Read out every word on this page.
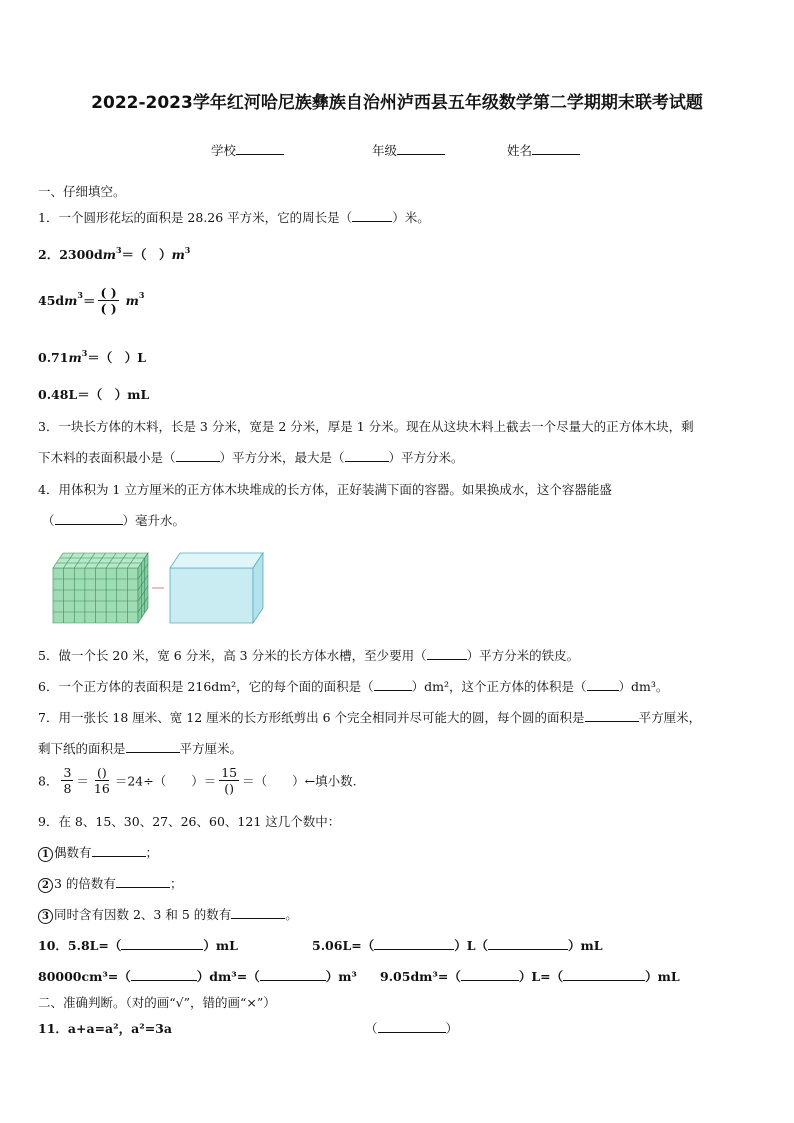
2022-2023学年红河哈尼族彝族自治州泸西县五年级数学第二学期期末联考试题
学校	年级	姓名
一、仔细填空。
1．一个圆形花坛的面积是 28.26 平方米，它的周长是（	）米。
2．$2300dm^3=$（　）$m^3$
$45dm^3= \frac{( )}{( )} m^3$
$0.71m^3=$（　）L
0.48L＝（　）mL
3．一块长方体的木料，长是 3 分米，宽是 2 分米，厚是 1 分米。现在从这块木料上截去一个尽量大的正方体木块，剩
下木料的表面积最小是（	）平方分米，最大是（	）平方分米。
4．用体积为 1 立方厘米的正方体木块堆成的长方体，正好装满下面的容器。如果换成水，这个容器能盛
（	）毫升水。
5．做一个长 20 米，宽 6 分米，高 3 分米的长方体水槽，至少要用（	）平方分米的铁皮。
6．一个正方体的表面积是 216dm²，它的每个面的面积是（	）dm²，这个正方体的体积是（	）dm³。
7．用一张长 18 厘米、宽 12 厘米的长方形纸剪出 6 个完全相同并尽可能大的圆，每个圆的面积是	平方厘米，
剩下纸的面积是	平方厘米。
8． $\frac{3}{8} = \frac{()}{16} =24\div$（　　）＝ $\frac{15}{()}$ ＝（　　）←填小数.
9．在 8、15、30、27、26、60、121 这几个数中：
1 偶数有	；
2 3 的倍数有	；
3 同时含有因数 2、3 和 5 的数有	。
10．5.8L=（	）mL	5.06L=（	）L（	）mL
80000cm³=（	）dm³=（	）m³ 9.05dm³=（	）L=（	）mL
二、准确判断。（对的画“√”，错的画“×”）
11．a+a=a²，a²=3a	（	）
